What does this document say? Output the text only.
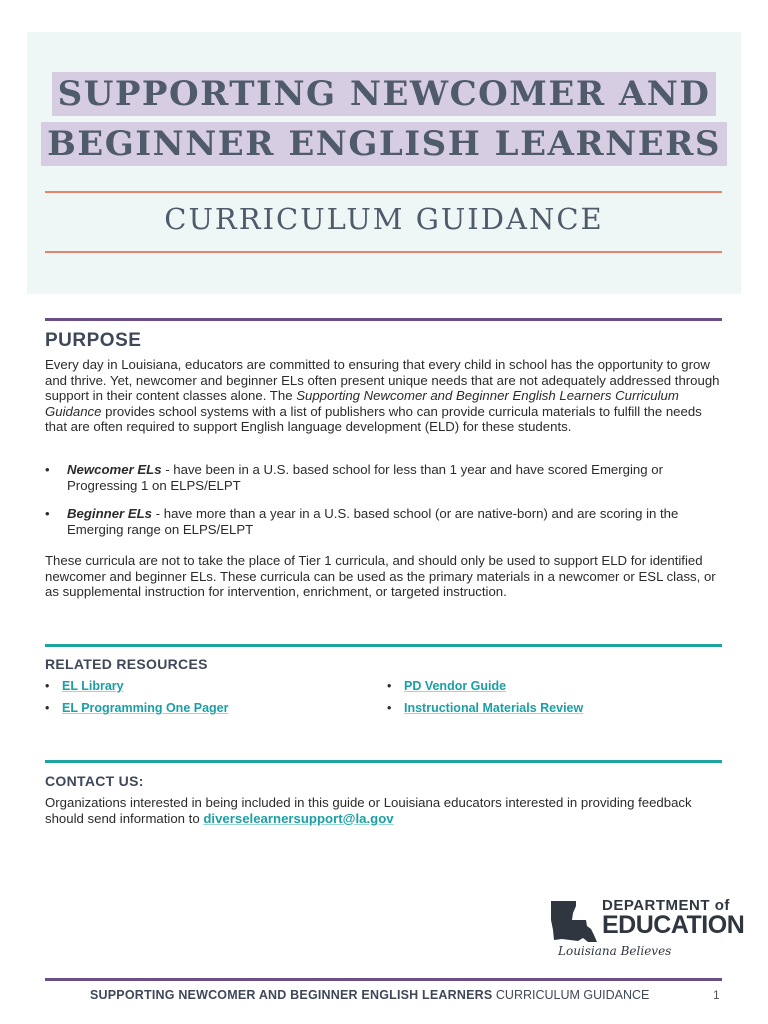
SUPPORTING NEWCOMER AND
BEGINNER ENGLISH LEARNERS
CURRICULUM GUIDANCE
PURPOSE

Every day in Louisiana, educators are committed to ensuring that every child in school has the opportunity to grow and thrive. Yet, newcomer and beginner ELs often present unique needs that are not adequately addressed through support in their content classes alone. The Supporting Newcomer and Beginner English Learners Curriculum Guidance provides school systems with a list of publishers who can provide curricula materials to fulfill the needs that are often required to support English language development (ELD) for these students.

• Newcomer ELs - have been in a U.S. based school for less than 1 year and have scored Emerging or Progressing 1 on ELPS/ELPT
• Beginner ELs - have more than a year in a U.S. based school (or are native-born) and are scoring in the Emerging range on ELPS/ELPT

These curricula are not to take the place of Tier 1 curricula, and should only be used to support ELD for identified newcomer and beginner ELs. These curricula can be used as the primary materials in a newcomer or ESL class, or as supplemental instruction for intervention, enrichment, or targeted instruction.

RELATED RESOURCES
• EL Library
• EL Programming One Pager
• PD Vendor Guide
• Instructional Materials Review
CONTACT US:

Organizations interested in being included in this guide or Louisiana educators interested in providing feedback should send information to diverselearnersupport@la.gov

DEPARTMENT of
EDUCATION
Louisiana Believes
SUPPORTING NEWCOMER AND BEGINNER ENGLISH LEARNERS CURRICULUM GUIDANCE	1
